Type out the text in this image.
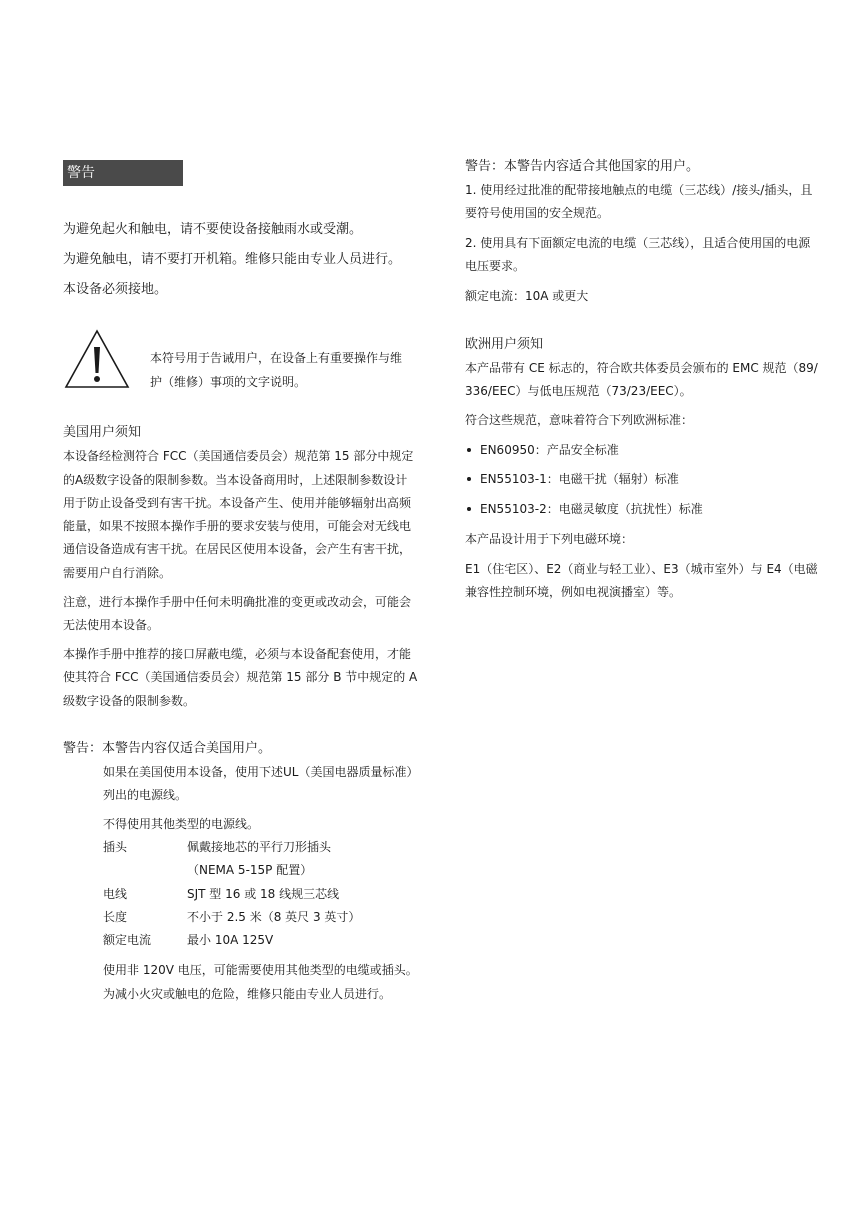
警告
为避免起火和触电，请不要使设备接触雨水或受潮。
为避免触电，请不要打开机箱。维修只能由专业人员进行。
本设备必须接地。
本符号用于告诫用户，在设备上有重要操作与维
护（维修）事项的文字说明。
美国用户须知
本设备经检测符合 FCC（美国通信委员会）规范第 15 部分中规定
的A级数字设备的限制参数。当本设备商用时，上述限制参数设计
用于防止设备受到有害干扰。本设备产生、使用并能够辐射出高频
能量，如果不按照本操作手册的要求安装与使用，可能会对无线电
通信设备造成有害干扰。在居民区使用本设备，会产生有害干扰，
需要用户自行消除。
注意，进行本操作手册中任何未明确批准的变更或改动会，可能会
无法使用本设备。
本操作手册中推荐的接口屏蔽电缆，必须与本设备配套使用，才能
使其符合 FCC（美国通信委员会）规范第 15 部分 B 节中规定的 A
级数字设备的限制参数。
警告：本警告内容仅适合美国用户。
如果在美国使用本设备，使用下述UL（美国电器质量标准）
列出的电源线。
不得使用其他类型的电源线。
插头	佩戴接地芯的平行刀形插头
（NEMA 5-15P 配置）
电线	SJT 型 16 或 18 线规三芯线
长度	不小于 2.5 米（8 英尺 3 英寸）
额定电流	最小 10A 125V
使用非 120V 电压，可能需要使用其他类型的电缆或插头。
为减小火灾或触电的危险，维修只能由专业人员进行。
警告：本警告内容适合其他国家的用户。
1. 使用经过批准的配带接地触点的电缆（三芯线）/接头/插头，且
要符号使用国的安全规范。
2. 使用具有下面额定电流的电缆（三芯线），且适合使用国的电源
电压要求。
额定电流：10A 或更大
欧洲用户须知
本产品带有 CE 标志的，符合欧共体委员会颁布的 EMC 规范（89/
336/EEC）与低电压规范（73/23/EEC）。
符合这些规范，意味着符合下列欧洲标准：
EN60950：产品安全标准
EN55103-1：电磁干扰（辐射）标准
EN55103-2：电磁灵敏度（抗扰性）标准
本产品设计用于下列电磁环境：
E1（住宅区）、E2（商业与轻工业）、E3（城市室外）与 E4（电磁
兼容性控制环境，例如电视演播室）等。
